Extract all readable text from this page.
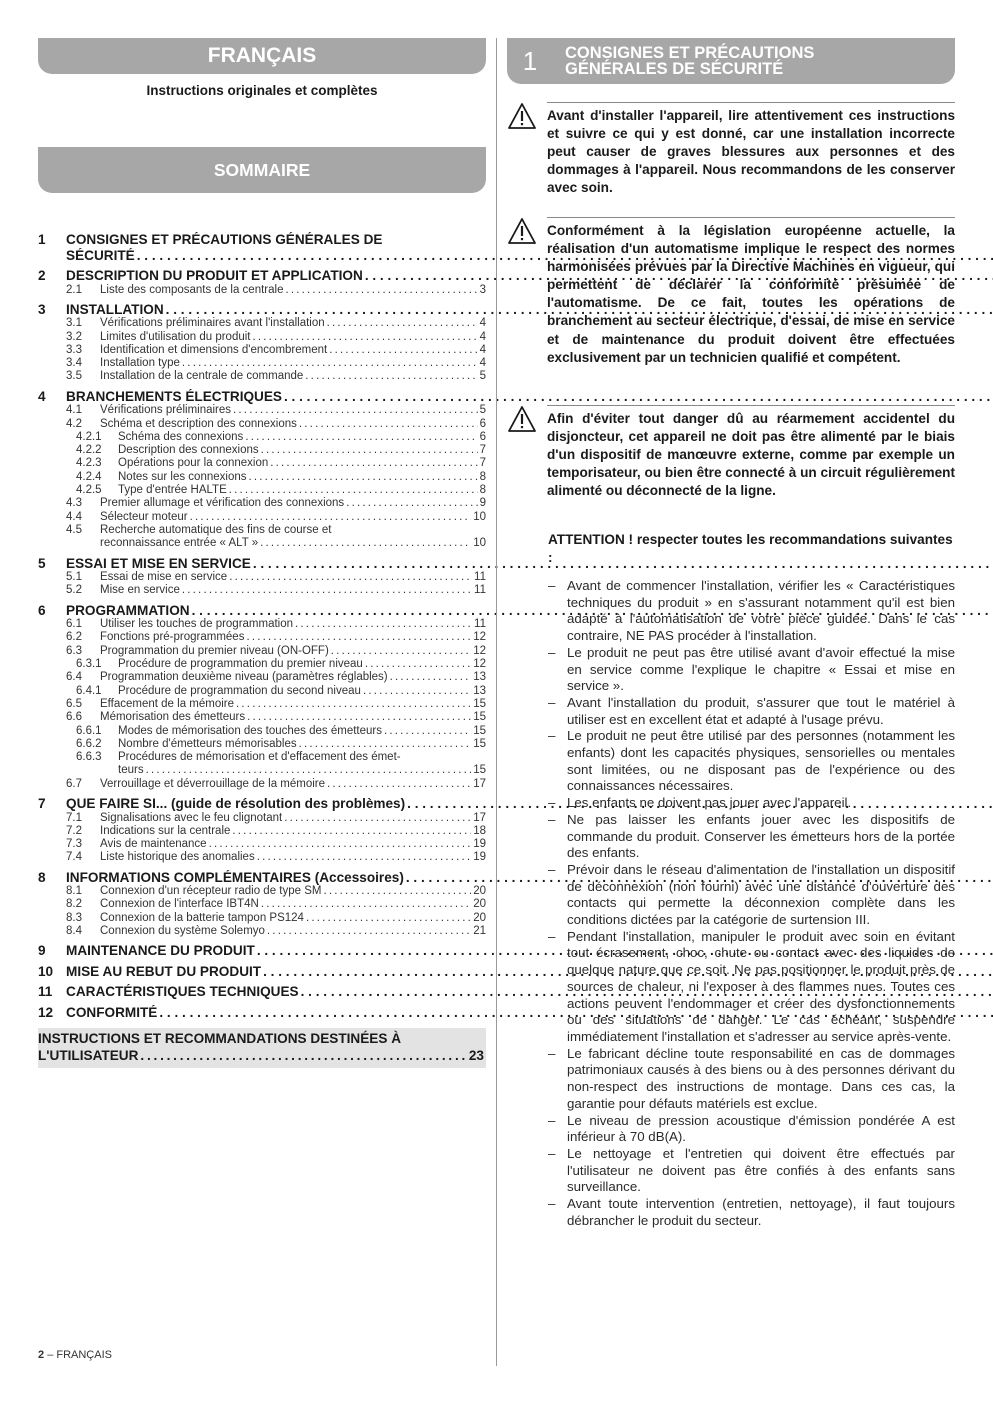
FRANÇAIS
Instructions originales et complètes
SOMMAIRE
1	CONSIGNES ET PRÉCAUTIONS GÉNÉRALES DE
SÉCURITÉ
. . .
2	DESCRIPTION DU PRODUIT ET APPLICATION
. . .
2.1	Liste des composants de la centrale . . .	3
3	INSTALLATION
. . .
3.1	Vérifications préliminaires avant l'installation . . .	4
3.2	Limites d'utilisation du produit . . .	4
3.3	Identification et dimensions d'encombrement . . .	4
3.4	Installation type . . .	4
3.5	Installation de la centrale de commande . . .	5
4	BRANCHEMENTS ÉLECTRIQUES
. . .
4.1	Vérifications préliminaires . . .	5
4.2	Schéma et description des connexions . . .	6
4.2.1	Schéma des connexions . . .	6
4.2.2	Description des connexions . . .	7
4.2.3	Opérations pour la connexion . . .	7
4.2.4	Notes sur les connexions . . .	8
4.2.5	Type d'entrée HALTE . . .	8
4.3	Premier allumage et vérification des connexions . . .	9
4.4	Sélecteur moteur . . .	10
4.5	Recherche automatique des fins de course et
reconnaissance entrée « ALT » . . .	10
5	ESSAI ET MISE EN SERVICE
. . .
5.1	Essai de mise en service . . .	11
5.2	Mise en service . . .	11
6	PROGRAMMATION
. . .
6.1	Utiliser les touches de programmation . . .	11
6.2	Fonctions pré-programmées . . .	12
6.3	Programmation du premier niveau (ON-OFF) . . .	12
6.3.1	Procédure de programmation du premier niveau . . .	12
6.4	Programmation deuxième niveau (paramètres réglables) . . .	13
6.4.1	Procédure de programmation du second niveau . . .	13
6.5	Effacement de la mémoire . . .	15
6.6	Mémorisation des émetteurs . . .	15
6.6.1	Modes de mémorisation des touches des émetteurs . . .	15
6.6.2	Nombre d'émetteurs mémorisables . . .	15
6.6.3	Procédures de mémorisation et d'effacement des émet-
teurs . . .	15
6.7	Verrouillage et déverrouillage de la mémoire . . .	17
7	QUE FAIRE SI... (guide de résolution des problèmes)
. . .
7.1	Signalisations avec le feu clignotant . . .	17
7.2	Indications sur la centrale . . .	18
7.3	Avis de maintenance . . .	19
7.4	Liste historique des anomalies . . .	19
8	INFORMATIONS COMPLÉMENTAIRES (Accessoires)
. . .
8.1	Connexion d'un récepteur radio de type SM . . .	20
8.2	Connexion de l'interface IBT4N . . .	20
8.3	Connexion de la batterie tampon PS124 . . .	20
8.4	Connexion du système Solemyo . . .	21
9	MAINTENANCE DU PRODUIT
. . .
10 MISE AU REBUT DU PRODUIT
. . .
11	CARACTÉRISTIQUES TECHNIQUES
. . .
12 CONFORMITÉ
. . .
INSTRUCTIONS ET RECOMMANDATIONS DESTINÉES À
L'UTILISATEUR . . .	23
1	CONSIGNES ET PRÉCAUTIONS
GÉNÉRALES DE SÉCURITÉ
Avant d'installer l'appareil, lire attentivement ces instructions et suivre ce qui y est donné, car une installation incorrecte peut causer de graves blessures aux personnes et des dommages à l'appareil. Nous recommandons de les conserver avec soin.
Conformément à la législation européenne actuelle, la réalisation d'un automatisme implique le respect des normes harmonisées prévues par la Directive Machines en vigueur, qui permettent de déclarer la conformité présumée de l'automatisme. De ce fait, toutes les opérations de branchement au secteur électrique, d'essai, de mise en service et de maintenance du produit doivent être effectuées exclusivement par un technicien qualifié et compétent.
Afin d'éviter tout danger dû au réarmement accidentel du disjoncteur, cet appareil ne doit pas être alimenté par le biais d'un dispositif de manœuvre externe, comme par exemple un temporisateur, ou bien être connecté à un circuit régulièrement alimenté ou déconnecté de la ligne.
ATTENTION ! respecter toutes les recommandations suivantes :
– Avant de commencer l'installation, vérifier les « Caractéristiques techniques du produit » en s'assurant notamment qu'il est bien adapté à l'automatisation de votre pièce guidée. Dans le cas contraire, NE PAS procéder à l'installation.
– Le produit ne peut pas être utilisé avant d'avoir effectué la mise en service comme l'explique le chapitre « Essai et mise en service ».
– Avant l'installation du produit, s'assurer que tout le matériel à utiliser est en excellent état et adapté à l'usage prévu.
– Le produit ne peut être utilisé par des personnes (notamment les enfants) dont les capacités physiques, sensorielles ou mentales sont limitées, ou ne disposant pas de l'expérience ou des connaissances nécessaires.
– Les enfants ne doivent pas jouer avec l'appareil.
– Ne pas laisser les enfants jouer avec les dispositifs de commande du produit. Conserver les émetteurs hors de la portée des enfants.
– Prévoir dans le réseau d'alimentation de l'installation un dispositif de déconnexion (non fourni) avec une distance d'ouverture des contacts qui permette la déconnexion complète dans les conditions dictées par la catégorie de surtension III.
– Pendant l'installation, manipuler le produit avec soin en évitant tout écrasement, choc, chute ou contact avec des liquides de quelque nature que ce soit. Ne pas positionner le produit près de sources de chaleur, ni l'exposer à des flammes nues. Toutes ces actions peuvent l'endommager et créer des dysfonctionnements ou des situations de danger. Le cas échéant, suspendre immédiatement l'installation et s'adresser au service après-vente.
– Le fabricant décline toute responsabilité en cas de dommages patrimoniaux causés à des biens ou à des personnes dérivant du non-respect des instructions de montage. Dans ces cas, la garantie pour défauts matériels est exclue.
– Le niveau de pression acoustique d'émission pondérée A est inférieur à 70 dB(A).
– Le nettoyage et l'entretien qui doivent être effectués par l'utilisateur ne doivent pas être confiés à des enfants sans surveillance.
– Avant toute intervention (entretien, nettoyage), il faut toujours débrancher le produit du secteur.
2 – FRANÇAIS
